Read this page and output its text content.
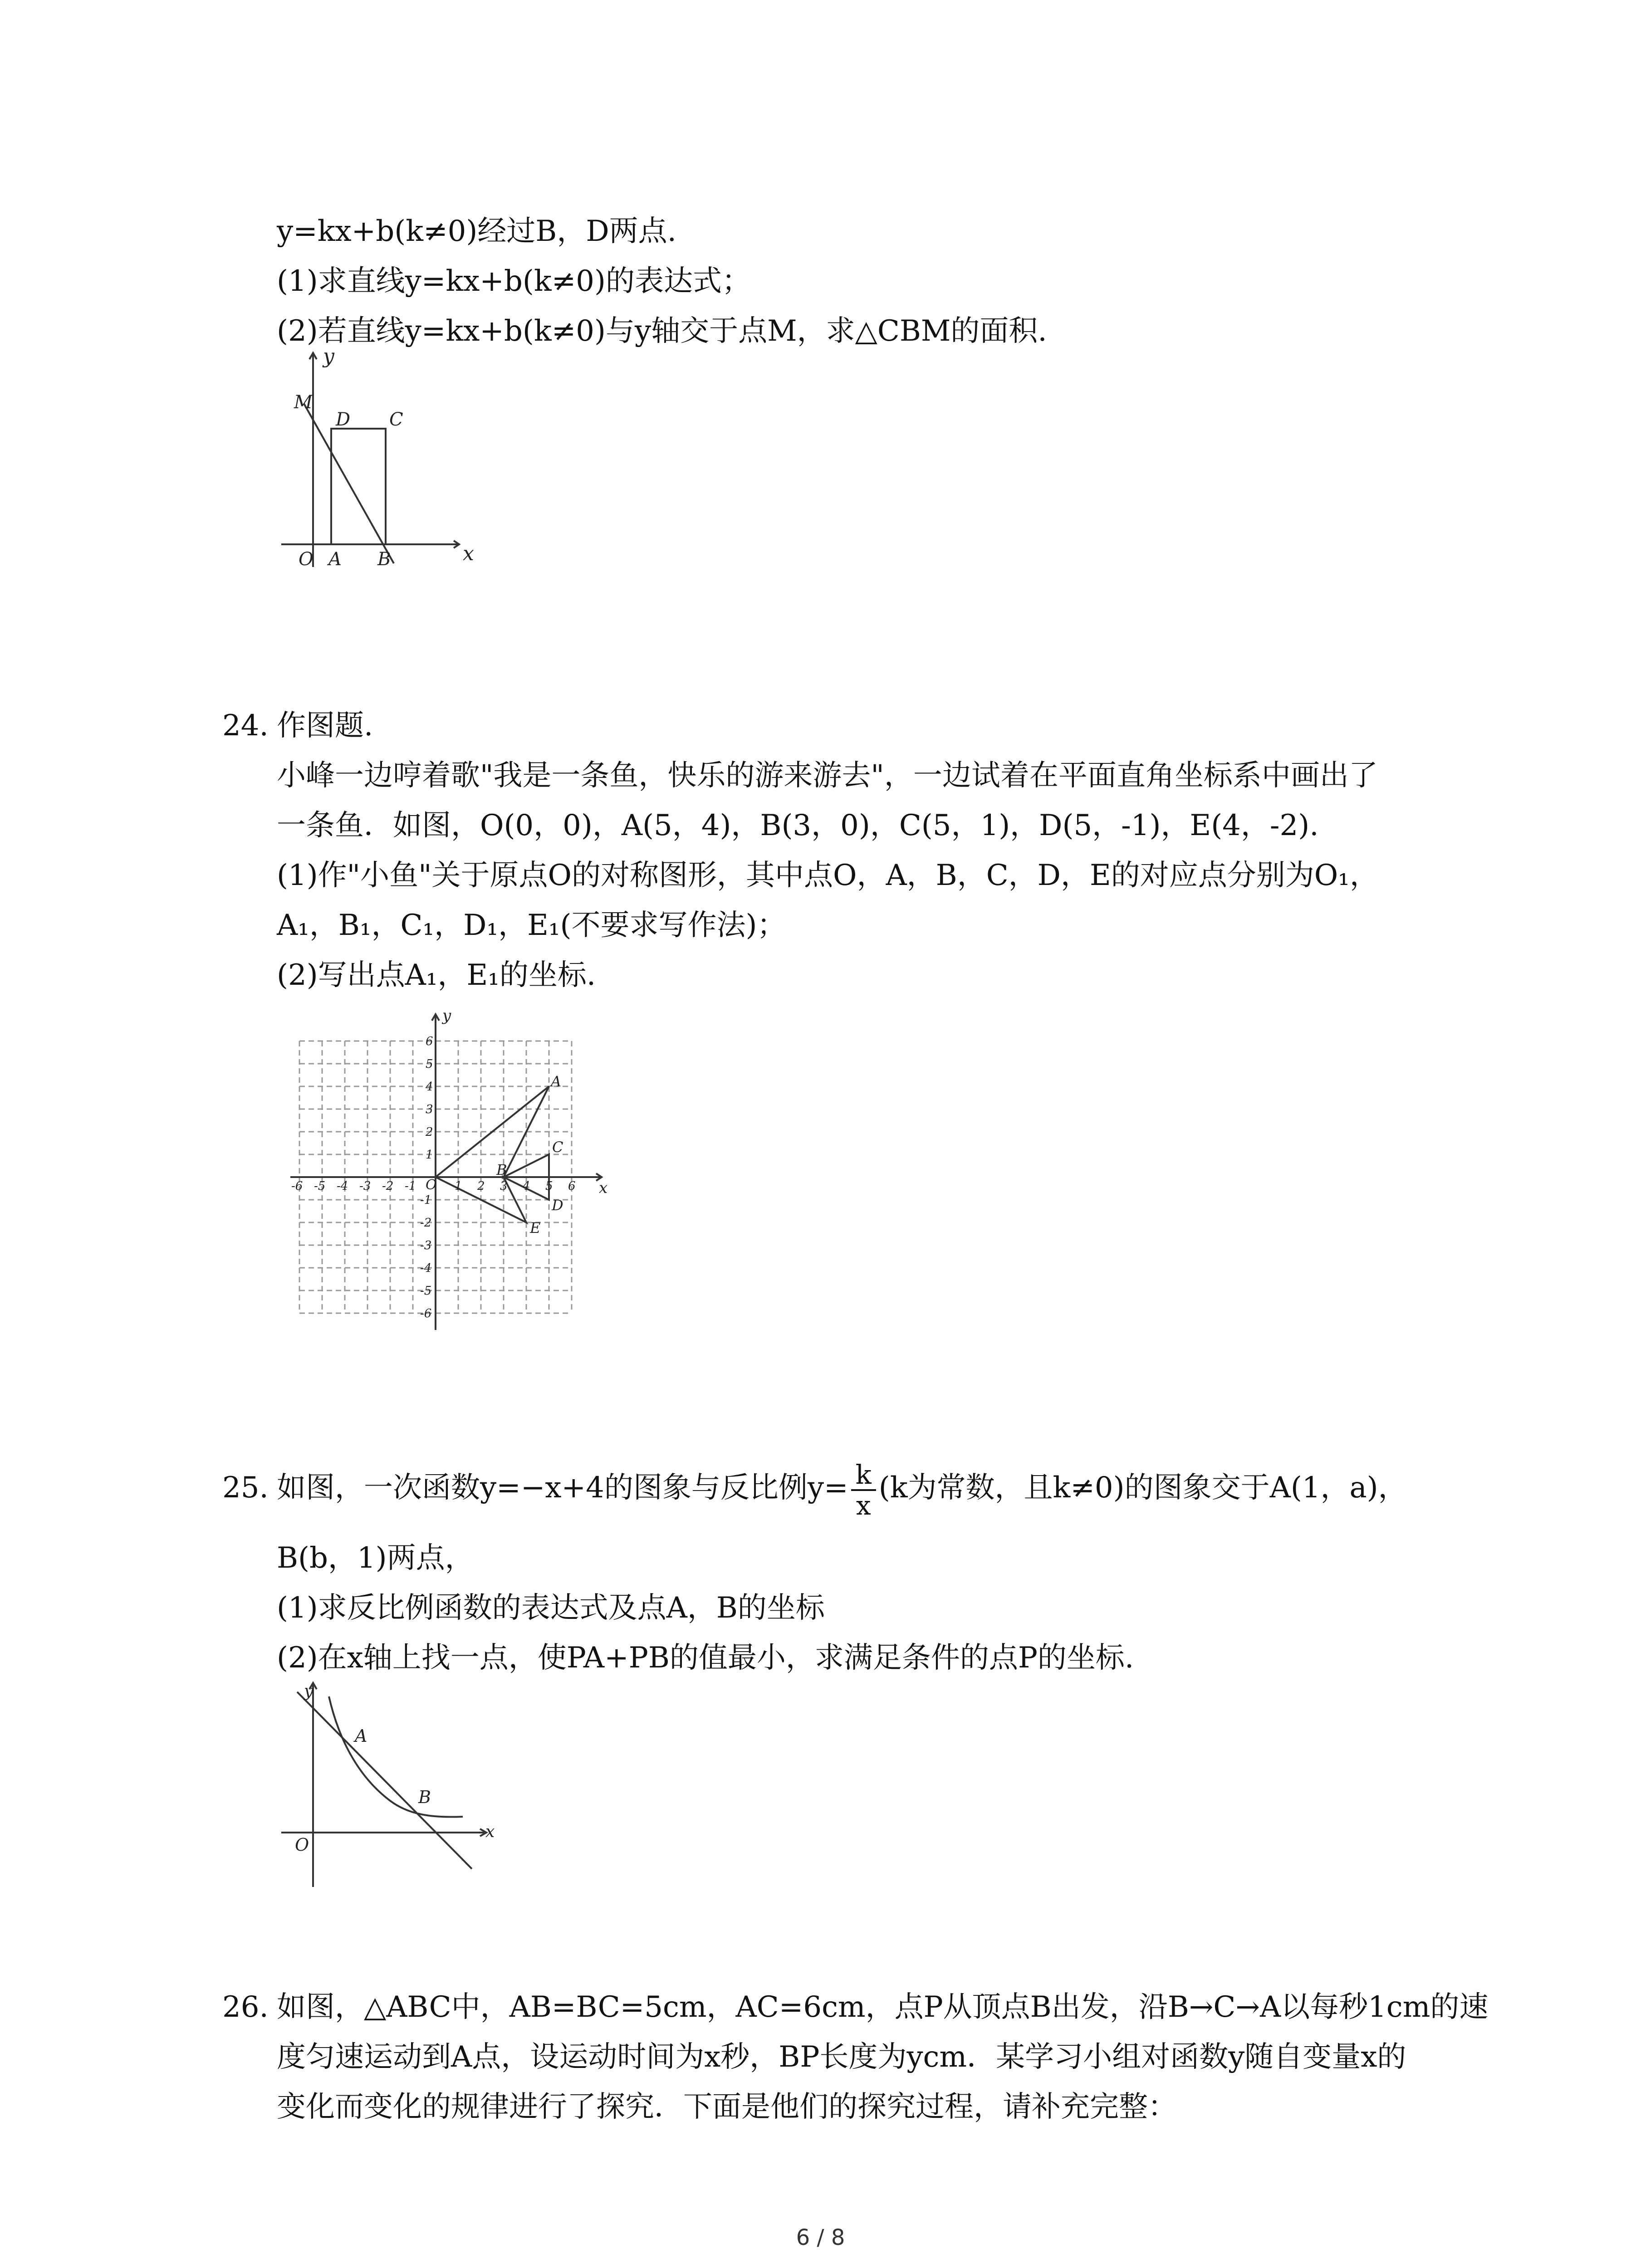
y=kx+b(k≠0)经过B，D两点.
(1)求直线y=kx+b(k≠0)的表达式；
(2)若直线y=kx+b(k≠0)与y轴交于点M，求△CBM的面积.
y
x
M
D C
O A B
24. 作图题.
小峰一边哼着歌"我是一条鱼，快乐的游来游去"，一边试着在平面直角坐标系中画出了
一条鱼．如图，O(0，0)，A(5，4)，B(3，0)，C(5，1)，D(5，-1)，E(4，-2).
(1)作"小鱼"关于原点O的对称图形，其中点O，A，B，C，D，E的对应点分别为O₁，
A₁，B₁，C₁，D₁，E₁(不要求写作法)；
(2)写出点A₁，E₁的坐标.
-6 -5 -4 -3 -2 -1	1 2 3 4 5 6
6
5
4
3
2
1
-1
-2
-3
-4
-5
-6
y
x
O
A
B
C
D
E
25. 如图，一次函数y=−x+4的图象与反比例$y= \frac{k}{x} (k$为常数，且k≠0)的图象交于A(1，a)，
B(b，1)两点，
(1)求反比例函数的表达式及点A，B的坐标
(2)在x轴上找一点，使PA+PB的值最小，求满足条件的点P的坐标.
y
x
O
A
B
26. 如图，△ABC中，AB=BC=5cm，AC=6cm，点P从顶点B出发，沿B→C→A以每秒1cm的速
度匀速运动到A点，设运动时间为x秒，BP长度为ycm．某学习小组对函数y随自变量x的
变化而变化的规律进行了探究．下面是他们的探究过程，请补充完整：
6 / 8
